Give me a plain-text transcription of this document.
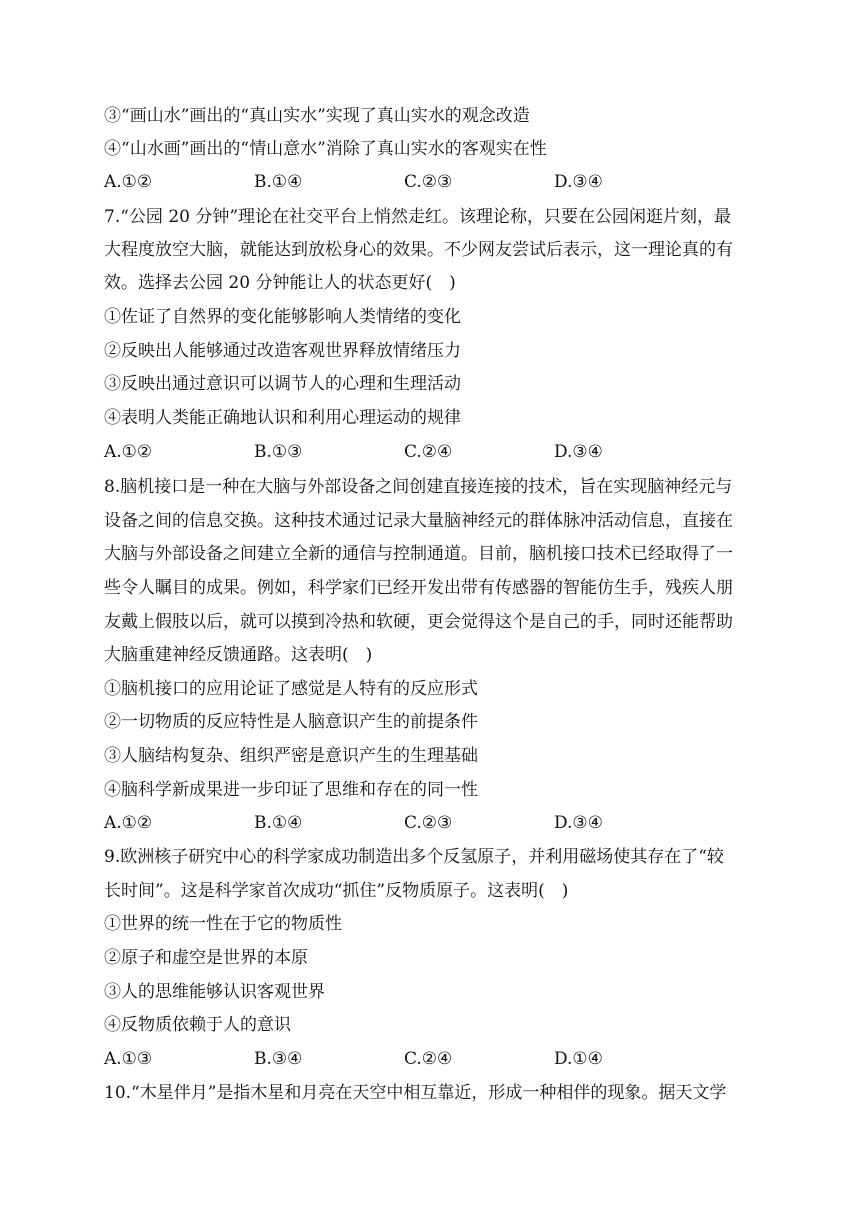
③“画山水”画出的“真山实水”实现了真山实水的观念改造
④“山水画”画出的“情山意水”消除了真山实水的客观实在性
A.①②	B.①④	C.②③	D.③④
7.“公园 20 分钟”理论在社交平台上悄然走红。该理论称，只要在公园闲逛片刻，最
大程度放空大脑，就能达到放松身心的效果。不少网友尝试后表示，这一理论真的有
效。选择去公园 20 分钟能让人的状态更好(　)
①佐证了自然界的变化能够影响人类情绪的变化
②反映出人能够通过改造客观世界释放情绪压力
③反映出通过意识可以调节人的心理和生理活动
④表明人类能正确地认识和利用心理运动的规律
A.①②	B.①③	C.②④	D.③④
8.脑机接口是一种在大脑与外部设备之间创建直接连接的技术，旨在实现脑神经元与
设备之间的信息交换。这种技术通过记录大量脑神经元的群体脉冲活动信息，直接在
大脑与外部设备之间建立全新的通信与控制通道。目前，脑机接口技术已经取得了一
些令人瞩目的成果。例如，科学家们已经开发出带有传感器的智能仿生手，残疾人朋
友戴上假肢以后，就可以摸到冷热和软硬，更会觉得这个是自己的手，同时还能帮助
大脑重建神经反馈通路。这表明(　)
①脑机接口的应用论证了感觉是人特有的反应形式
②一切物质的反应特性是人脑意识产生的前提条件
③人脑结构复杂、组织严密是意识产生的生理基础
④脑科学新成果进一步印证了思维和存在的同一性
A.①②	B.①④	C.②③	D.③④
9.欧洲核子研究中心的科学家成功制造出多个反氢原子，并利用磁场使其存在了“较
长时间”。这是科学家首次成功“抓住”反物质原子。这表明(　)
①世界的统一性在于它的物质性
②原子和虚空是世界的本原
③人的思维能够认识客观世界
④反物质依赖于人的意识
A.①③	B.③④	C.②④	D.①④
10.“木星伴月”是指木星和月亮在天空中相互靠近，形成一种相伴的现象。据天文学
